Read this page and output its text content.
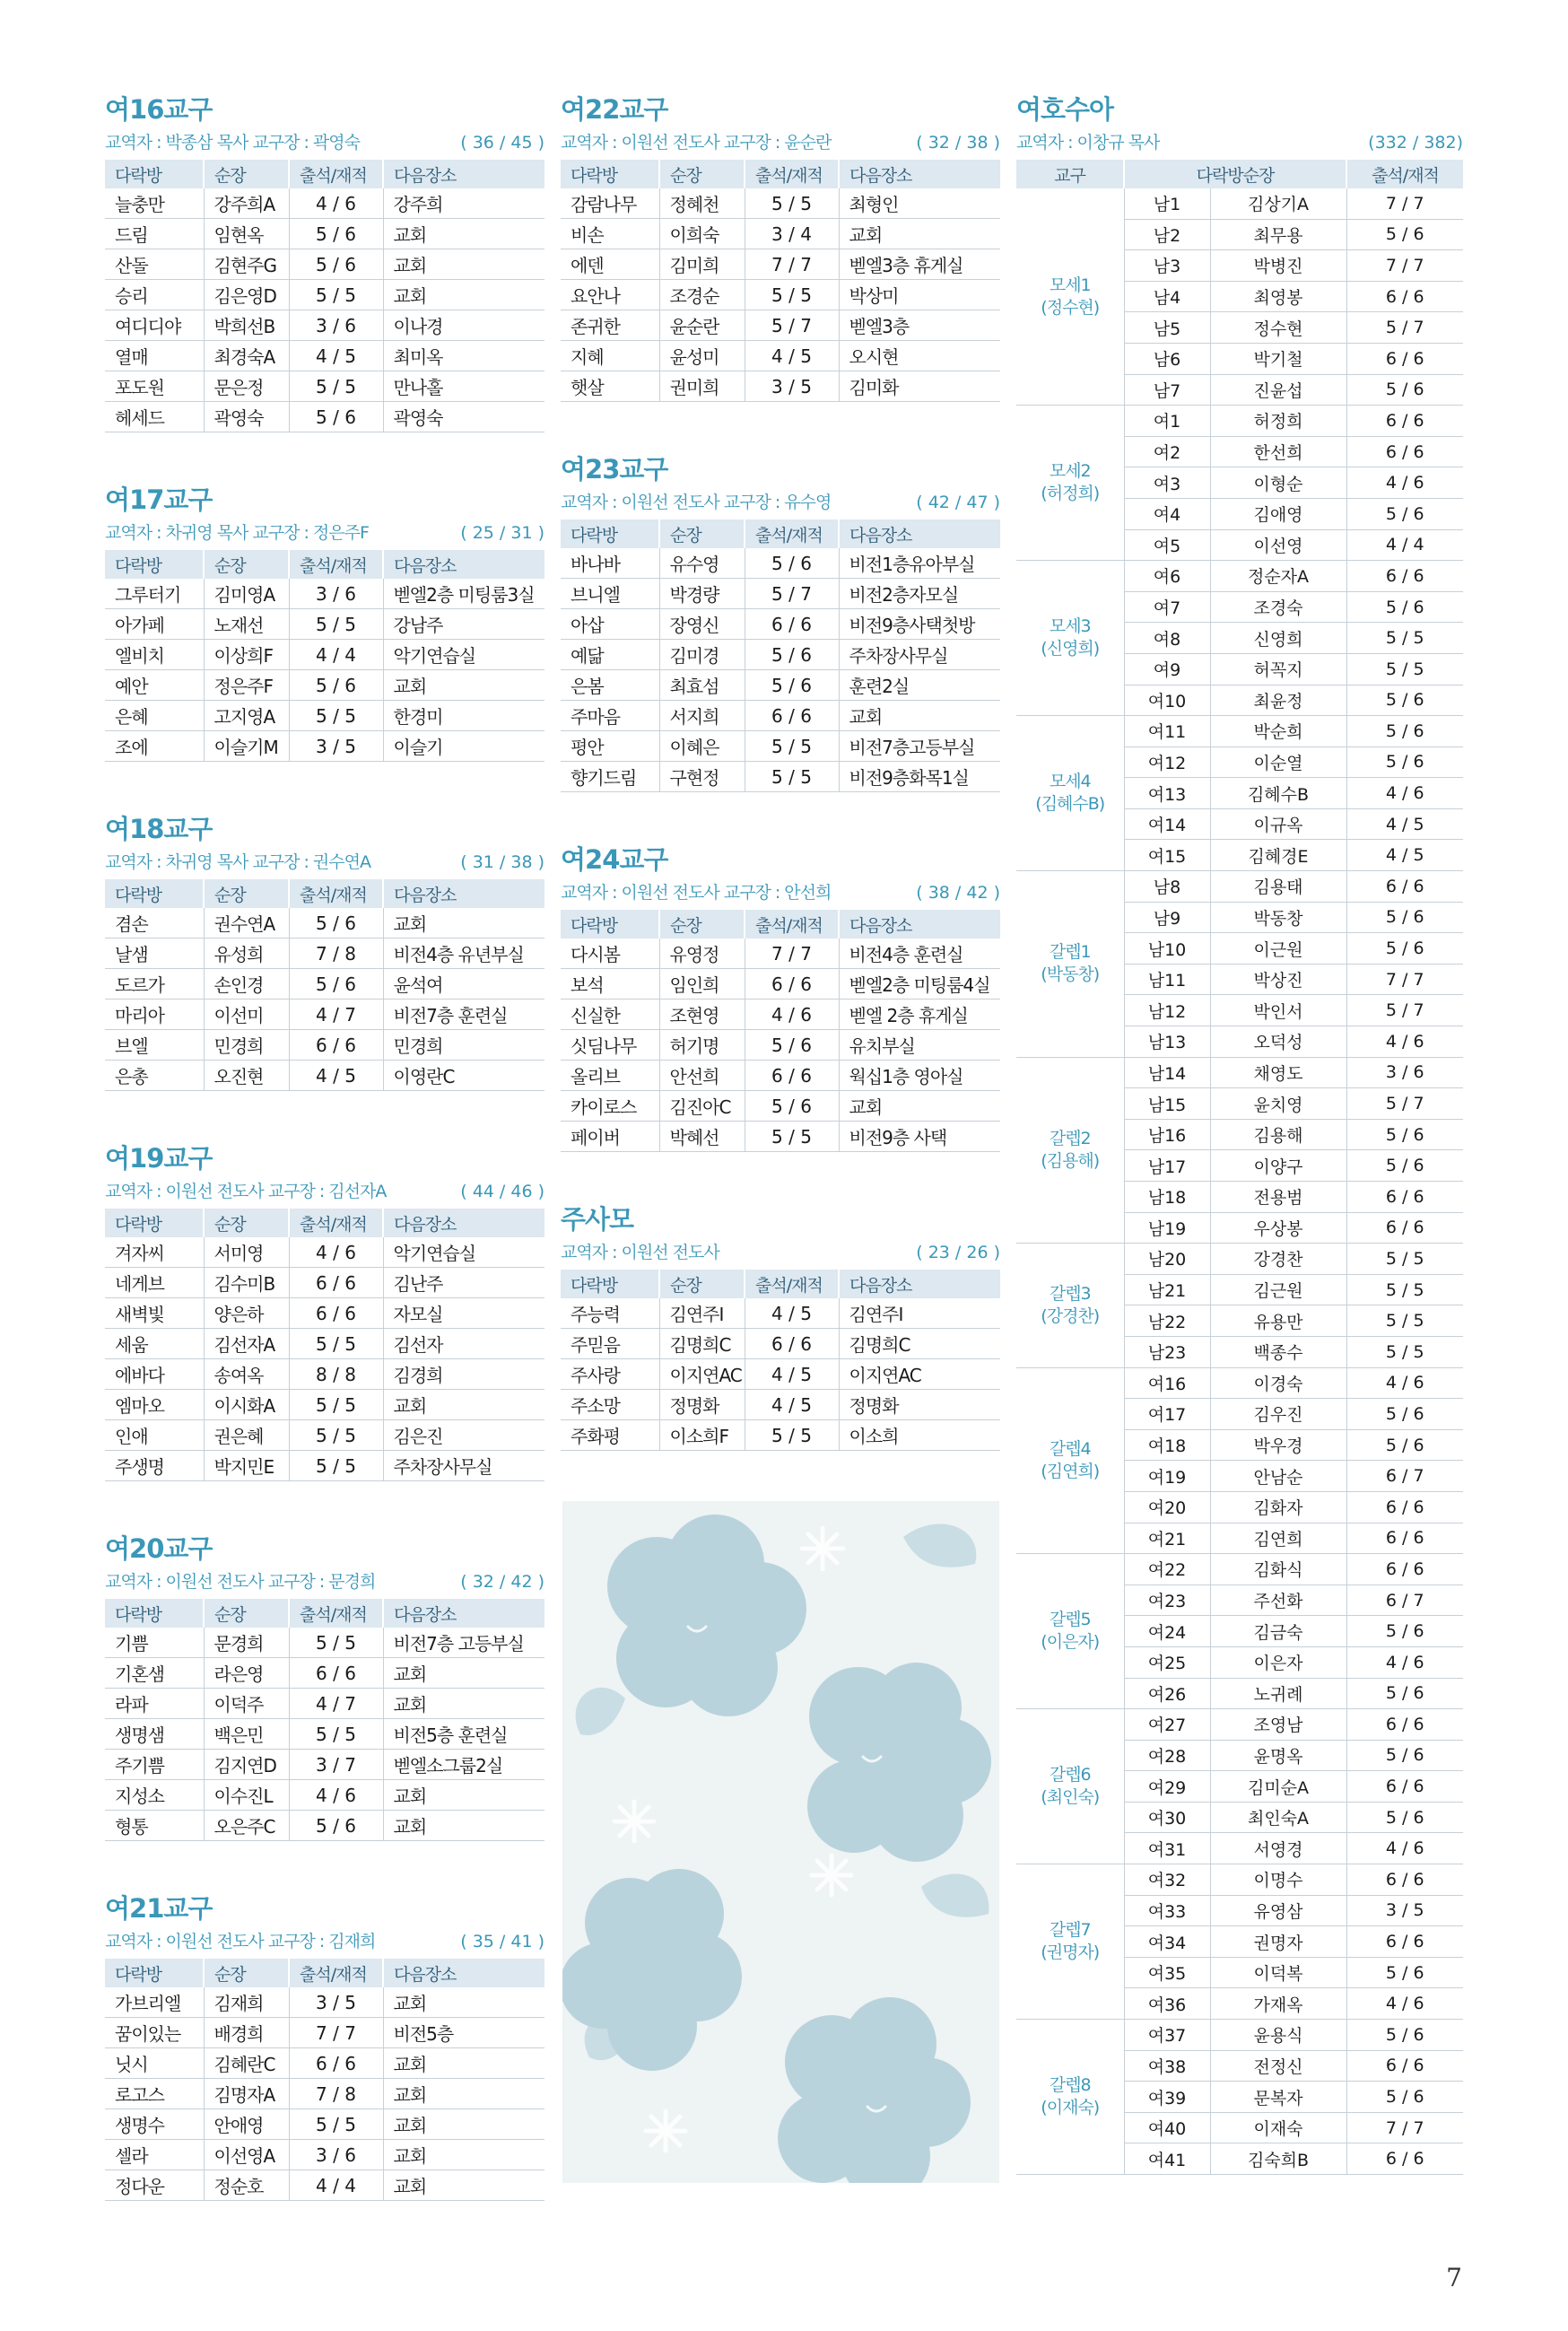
여16교구
교역자 : 박종삼 목사 교구장 : 곽영숙	( 36 / 45 )
다락방	순장	출석/재적	다음장소
늘충만	강주희A	4 / 6	강주희
드림	임현옥	5 / 6	교회
산돌	김현주G	5 / 6	교회
승리	김은영D	5 / 5	교회
여디디야	박희선B	3 / 6	이나경
열매	최경숙A	4 / 5	최미옥
포도원	문은정	5 / 5	만나홀
헤세드	곽영숙	5 / 6	곽영숙
여17교구
교역자 : 차귀영 목사 교구장 : 정은주F	( 25 / 31 )
다락방	순장	출석/재적	다음장소
그루터기	김미영A	3 / 6	벧엘2층 미팅룸3실
아가페	노재선	5 / 5	강남주
엘비치	이상희F	4 / 4	악기연습실
예안	정은주F	5 / 6	교회
은혜	고지영A	5 / 5	한경미
조에	이슬기M	3 / 5	이슬기
여18교구
교역자 : 차귀영 목사 교구장 : 권수연A	( 31 / 38 )
다락방	순장	출석/재적	다음장소
겸손	권수연A	5 / 6	교회
날샘	유성희	7 / 8	비전4층 유년부실
도르가	손인경	5 / 6	윤석여
마리아	이선미	4 / 7	비전7층 훈련실
브엘	민경희	6 / 6	민경희
은총	오진현	4 / 5	이영란C
여19교구
교역자 : 이원선 전도사 교구장 : 김선자A	( 44 / 46 )
다락방	순장	출석/재적	다음장소
겨자씨	서미영	4 / 6	악기연습실
네게브	김수미B	6 / 6	김난주
새벽빛	양은하	6 / 6	자모실
세움	김선자A	5 / 5	김선자
에바다	송여옥	8 / 8	김경희
엠마오	이시화A	5 / 5	교회
인애	권은혜	5 / 5	김은진
주생명	박지민E	5 / 5	주차장사무실
여20교구
교역자 : 이원선 전도사 교구장 : 문경희	( 32 / 42 )
다락방	순장	출석/재적	다음장소
기쁨	문경희	5 / 5	비전7층 고등부실
기혼샘	라은영	6 / 6	교회
라파	이덕주	4 / 7	교회
생명샘	백은민	5 / 5	비전5층 훈련실
주기쁨	김지연D	3 / 7	벧엘소그룹2실
지성소	이수진L	4 / 6	교회
형통	오은주C	5 / 6	교회
여21교구
교역자 : 이원선 전도사 교구장 : 김재희	( 35 / 41 )
다락방	순장	출석/재적	다음장소
가브리엘	김재희	3 / 5	교회
꿈이있는	배경희	7 / 7	비전5층
닛시	김혜란C	6 / 6	교회
로고스	김명자A	7 / 8	교회
생명수	안애영	5 / 5	교회
셀라	이선영A	3 / 6	교회
정다운	정순호	4 / 4	교회
여22교구
교역자 : 이원선 전도사 교구장 : 윤순란	( 32 / 38 )
다락방	순장	출석/재적	다음장소
감람나무	정혜천	5 / 5	최형인
비손	이희숙	3 / 4	교회
에덴	김미희	7 / 7	벧엘3층 휴게실
요안나	조경순	5 / 5	박상미
존귀한	윤순란	5 / 7	벧엘3층
지혜	윤성미	4 / 5	오시현
햇살	권미희	3 / 5	김미화
여23교구
교역자 : 이원선 전도사 교구장 : 유수영	( 42 / 47 )
다락방	순장	출석/재적	다음장소
바나바	유수영	5 / 6	비전1층유아부실
브니엘	박경량	5 / 7	비전2층자모실
아삽	장영신	6 / 6	비전9층사택첫방
예닮	김미경	5 / 6	주차장사무실
은봄	최효섬	5 / 6	훈련2실
주마음	서지희	6 / 6	교회
평안	이혜은	5 / 5	비전7층고등부실
향기드림	구현정	5 / 5	비전9층화목1실
여24교구
교역자 : 이원선 전도사 교구장 : 안선희	( 38 / 42 )
다락방	순장	출석/재적	다음장소
다시봄	유영정	7 / 7	비전4층 훈련실
보석	임인희	6 / 6	벧엘2층 미팅룸4실
신실한	조현영	4 / 6	벧엘 2층 휴게실
싯딤나무	허기명	5 / 6	유치부실
올리브	안선희	6 / 6	웍십1층 영아실
카이로스	김진아C	5 / 6	교회
페이버	박혜선	5 / 5	비전9층 사택
주사모
교역자 : 이원선 전도사	( 23 / 26 )
다락방	순장	출석/재적	다음장소
주능력	김연주I	4 / 5	김연주I
주믿음	김명희C	6 / 6	김명희C
주사랑	이지연AC	4 / 5	이지연AC
주소망	정명화	4 / 5	정명화
주화평	이소희F	5 / 5	이소희
여호수아
교역자 : 이창규 목사	(332 / 382)
교구	다락방순장		출석/재적

모세1
(정수현)	남1	김상기A	7 / 7
	남2	최무용	5 / 6
	남3	박병진	7 / 7
	남4	최영봉	6 / 6
	남5	정수현	5 / 7
	남6	박기철	6 / 6
	남7	진윤섭	5 / 6

모세2
(허정희)	여1	허정희	6 / 6
	여2	한선희	6 / 6
	여3	이형순	4 / 6
	여4	김애영	5 / 6
	여5	이선영	4 / 4

모세3
(신영희)	여6	정순자A	6 / 6
	여7	조경숙	5 / 6
	여8	신영희	5 / 5
	여9	허꼭지	5 / 5
	여10	최윤정	5 / 6

모세4
(김혜수B)	여11	박순희	5 / 6
	여12	이순열	5 / 6
	여13	김혜수B	4 / 6
	여14	이규옥	4 / 5
	여15	김혜경E	4 / 5

갈렙1
(박동창)	남8	김용태	6 / 6
	남9	박동창	5 / 6
	남10	이근원	5 / 6
	남11	박상진	7 / 7
	남12	박인서	5 / 7
	남13	오덕성	4 / 6

갈렙2
(김용해)	남14	채영도	3 / 6
	남15	윤치영	5 / 7
	남16	김용해	5 / 6
	남17	이양구	5 / 6
	남18	전용범	6 / 6
	남19	우상봉	6 / 6

갈렙3
(강경찬)	남20	강경찬	5 / 5
	남21	김근원	5 / 5
	남22	유용만	5 / 5
	남23	백종수	5 / 5

갈렙4
(김연희)	여16	이경숙	4 / 6
	여17	김우진	5 / 6
	여18	박우경	5 / 6
	여19	안남순	6 / 7
	여20	김화자	6 / 6
	여21	김연희	6 / 6

갈렙5
(이은자)	여22	김화식	6 / 6
	여23	주선화	6 / 7
	여24	김금숙	5 / 6
	여25	이은자	4 / 6
	여26	노귀례	5 / 6

갈렙6
(최인숙)	여27	조영남	6 / 6
	여28	윤명옥	5 / 6
	여29	김미순A	6 / 6
	여30	최인숙A	5 / 6
	여31	서영경	4 / 6

갈렙7
(권명자)	여32	이명수	6 / 6
	여33	유영삼	3 / 5
	여34	권명자	6 / 6
	여35	이덕복	5 / 6
	여36	가재옥	4 / 6

갈렙8
(이재숙)	여37	윤용식	5 / 6
	여38	전정신	6 / 6
	여39	문복자	5 / 6
	여40	이재숙	7 / 7
	여41	김숙희B	6 / 6
7
